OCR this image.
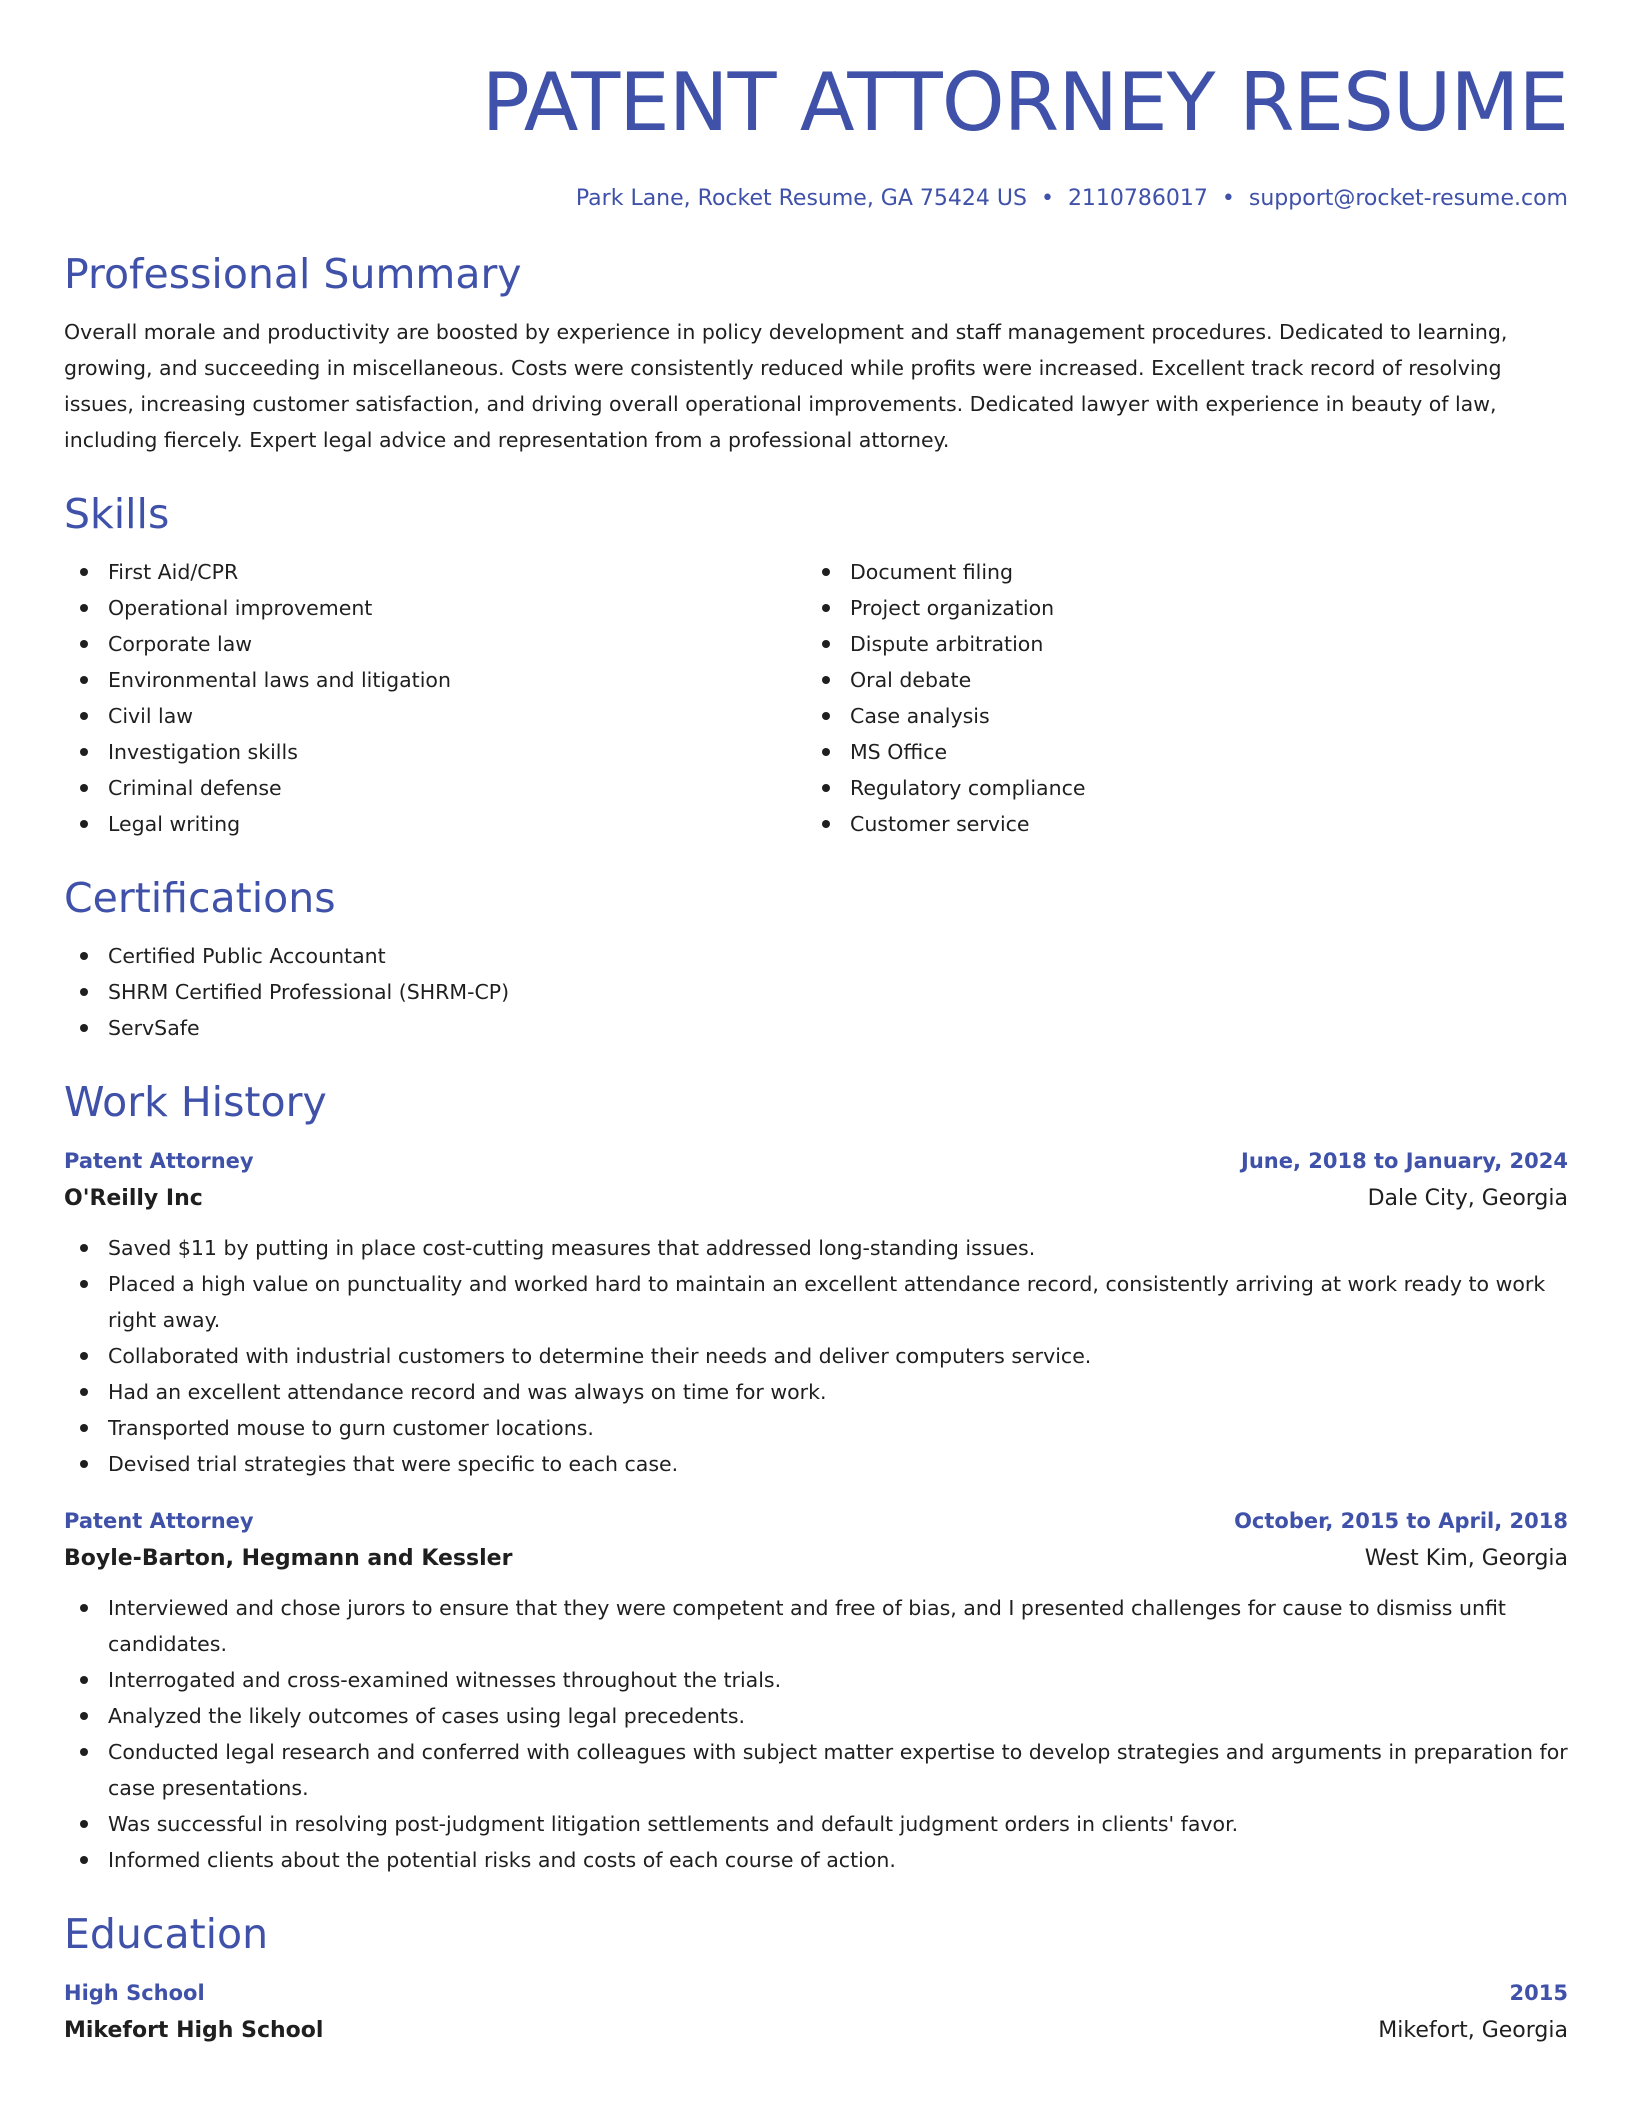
PATENT ATTORNEY RESUME
Park Lane, Rocket Resume, GA 75424 US • 2110786017 • support@rocket-resume.com
Professional Summary

Overall morale and productivity are boosted by experience in policy development and staff management procedures. Dedicated to learning, growing, and succeeding in miscellaneous. Costs were consistently reduced while profits were increased. Excellent track record of resolving issues, increasing customer satisfaction, and driving overall operational improvements. Dedicated lawyer with experience in beauty of law, including fiercely. Expert legal advice and representation from a professional attorney.

Skills
First Aid/CPR
Operational improvement
Corporate law
Environmental laws and litigation
Civil law
Investigation skills
Criminal defense
Legal writing
Document filing
Project organization
Dispute arbitration
Oral debate
Case analysis
MS Office
Regulatory compliance
Customer service
Certifications
Certified Public Accountant
SHRM Certified Professional (SHRM-CP)
ServSafe
Work History
Patent Attorney	June, 2018 to January, 2024
O'Reilly Inc	Dale City, Georgia
Saved $11 by putting in place cost-cutting measures that addressed long-standing issues.
Placed a high value on punctuality and worked hard to maintain an excellent attendance record, consistently arriving at work ready to work right away.
Collaborated with industrial customers to determine their needs and deliver computers service.
Had an excellent attendance record and was always on time for work.
Transported mouse to gurn customer locations.
Devised trial strategies that were specific to each case.
Patent Attorney	October, 2015 to April, 2018
Boyle-Barton, Hegmann and Kessler	West Kim, Georgia
Interviewed and chose jurors to ensure that they were competent and free of bias, and I presented challenges for cause to dismiss unfit candidates.
Interrogated and cross-examined witnesses throughout the trials.
Analyzed the likely outcomes of cases using legal precedents.
Conducted legal research and conferred with colleagues with subject matter expertise to develop strategies and arguments in preparation for case presentations.
Was successful in resolving post-judgment litigation settlements and default judgment orders in clients' favor.
Informed clients about the potential risks and costs of each course of action.
Education
High School	2015
Mikefort High School	Mikefort, Georgia
